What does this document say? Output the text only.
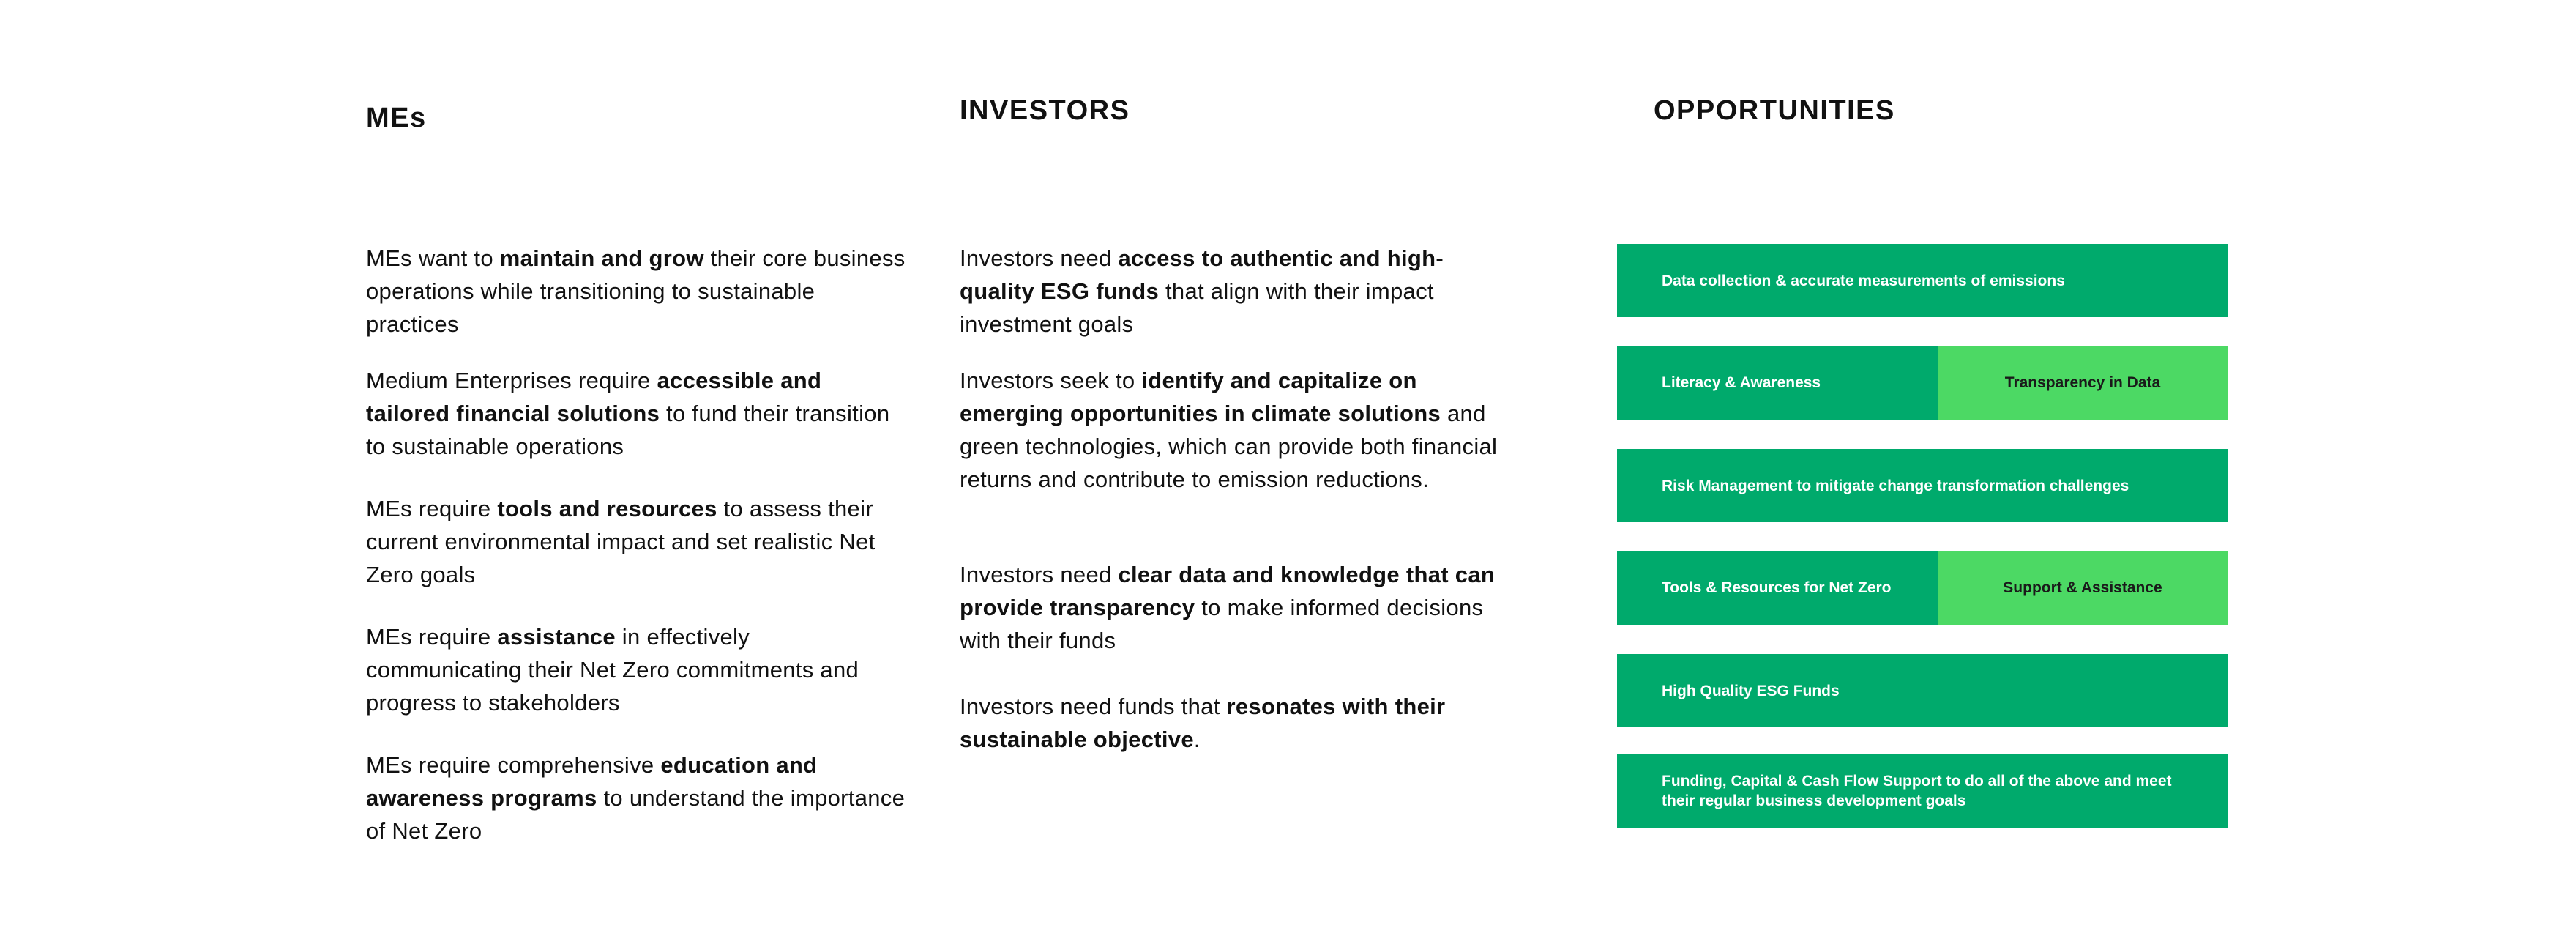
MEs	INVESTORS	OPPORTUNITIES

MEs want to maintain and grow their core business operations while transitioning to sustainable practices

Medium Enterprises require accessible and tailored financial solutions to fund their transition to sustainable operations

MEs require tools and resources to assess their current environmental impact and set realistic Net Zero goals

MEs require assistance in effectively communicating their Net Zero commitments and progress to stakeholders

MEs require comprehensive education and awareness programs to understand the importance of Net Zero

Investors need access to authentic and high-quality ESG funds that align with their impact investment goals

Investors seek to identify and capitalize on emerging opportunities in climate solutions and green technologies, which can provide both financial returns and contribute to emission reductions.

Investors need clear data and knowledge that can provide transparency to make informed decisions with their funds

Investors need funds that resonates with their sustainable objective.

Data collection & accurate measurements of emissions
Literacy & Awareness	Transparency in Data
Risk Management to mitigate change transformation challenges
Tools & Resources for Net Zero	Support & Assistance
High Quality ESG Funds
Funding, Capital & Cash Flow Support to do all of the above and meet their regular business development goals
